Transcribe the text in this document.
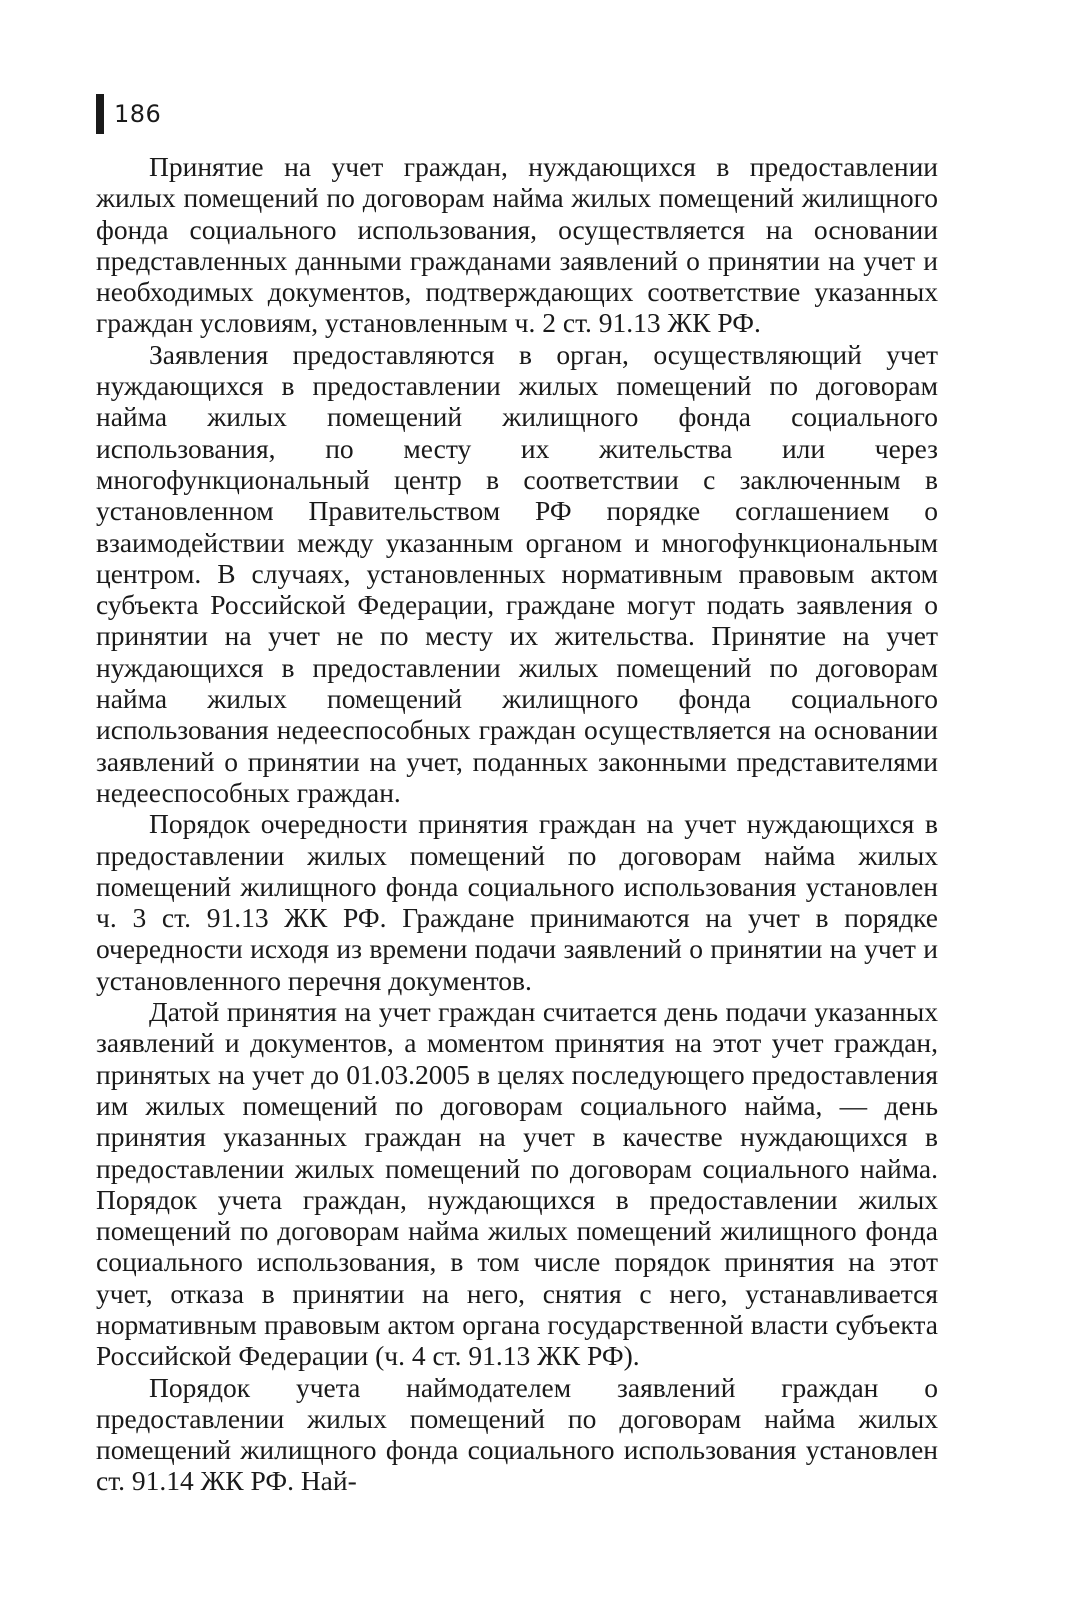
186

Принятие на учет граждан, нуждающихся в предоставлении жилых помещений по договорам найма жилых помещений жилищного фонда социального использования, осуществляется на основании представленных данными гражданами заявлений о принятии на учет и необходимых документов, подтверждающих соответствие указанных граждан условиям, установленным ч. 2 ст. 91.13 ЖК РФ.

Заявления предоставляются в орган, осуществляющий учет нуждающихся в предоставлении жилых помещений по договорам найма жилых помещений жилищного фонда социального использования, по месту их жительства или через многофункциональный центр в соответствии с заключенным в установленном Правительством РФ порядке соглашением о взаимодействии между указанным органом и многофункциональным центром. В случаях, установленных нормативным правовым актом субъекта Российской Федерации, граждане могут подать заявления о принятии на учет не по месту их жительства. Принятие на учет нуждающихся в предоставлении жилых помещений по договорам найма жилых помещений жилищного фонда социального использования недееспособных граждан осуществляется на основании заявлений о принятии на учет, поданных законными представителями недееспособных граждан.

Порядок очередности принятия граждан на учет нуждающихся в предоставлении жилых помещений по договорам найма жилых помещений жилищного фонда социального использования установлен ч. 3 ст. 91.13 ЖК РФ. Граждане принимаются на учет в порядке очередности исходя из времени подачи заявлений о принятии на учет и установленного перечня документов.

Датой принятия на учет граждан считается день подачи указанных заявлений и документов, а моментом принятия на этот учет граждан, принятых на учет до 01.03.2005 в целях последующего предоставления им жилых помещений по договорам социального найма, — день принятия указанных граждан на учет в качестве нуждающихся в предоставлении жилых помещений по договорам социального найма. Порядок учета граждан, нуждающихся в предоставлении жилых помещений по договорам найма жилых помещений жилищного фонда социального использования, в том числе порядок принятия на этот учет, отказа в принятии на него, снятия с него, устанавливается нормативным правовым актом органа государственной власти субъекта Российской Федерации (ч. 4 ст. 91.13 ЖК РФ).

Порядок учета наймодателем заявлений граждан о предоставлении жилых помещений по договорам найма жилых помещений жилищного фонда социального использования установлен ст. 91.14 ЖК РФ. Най-
